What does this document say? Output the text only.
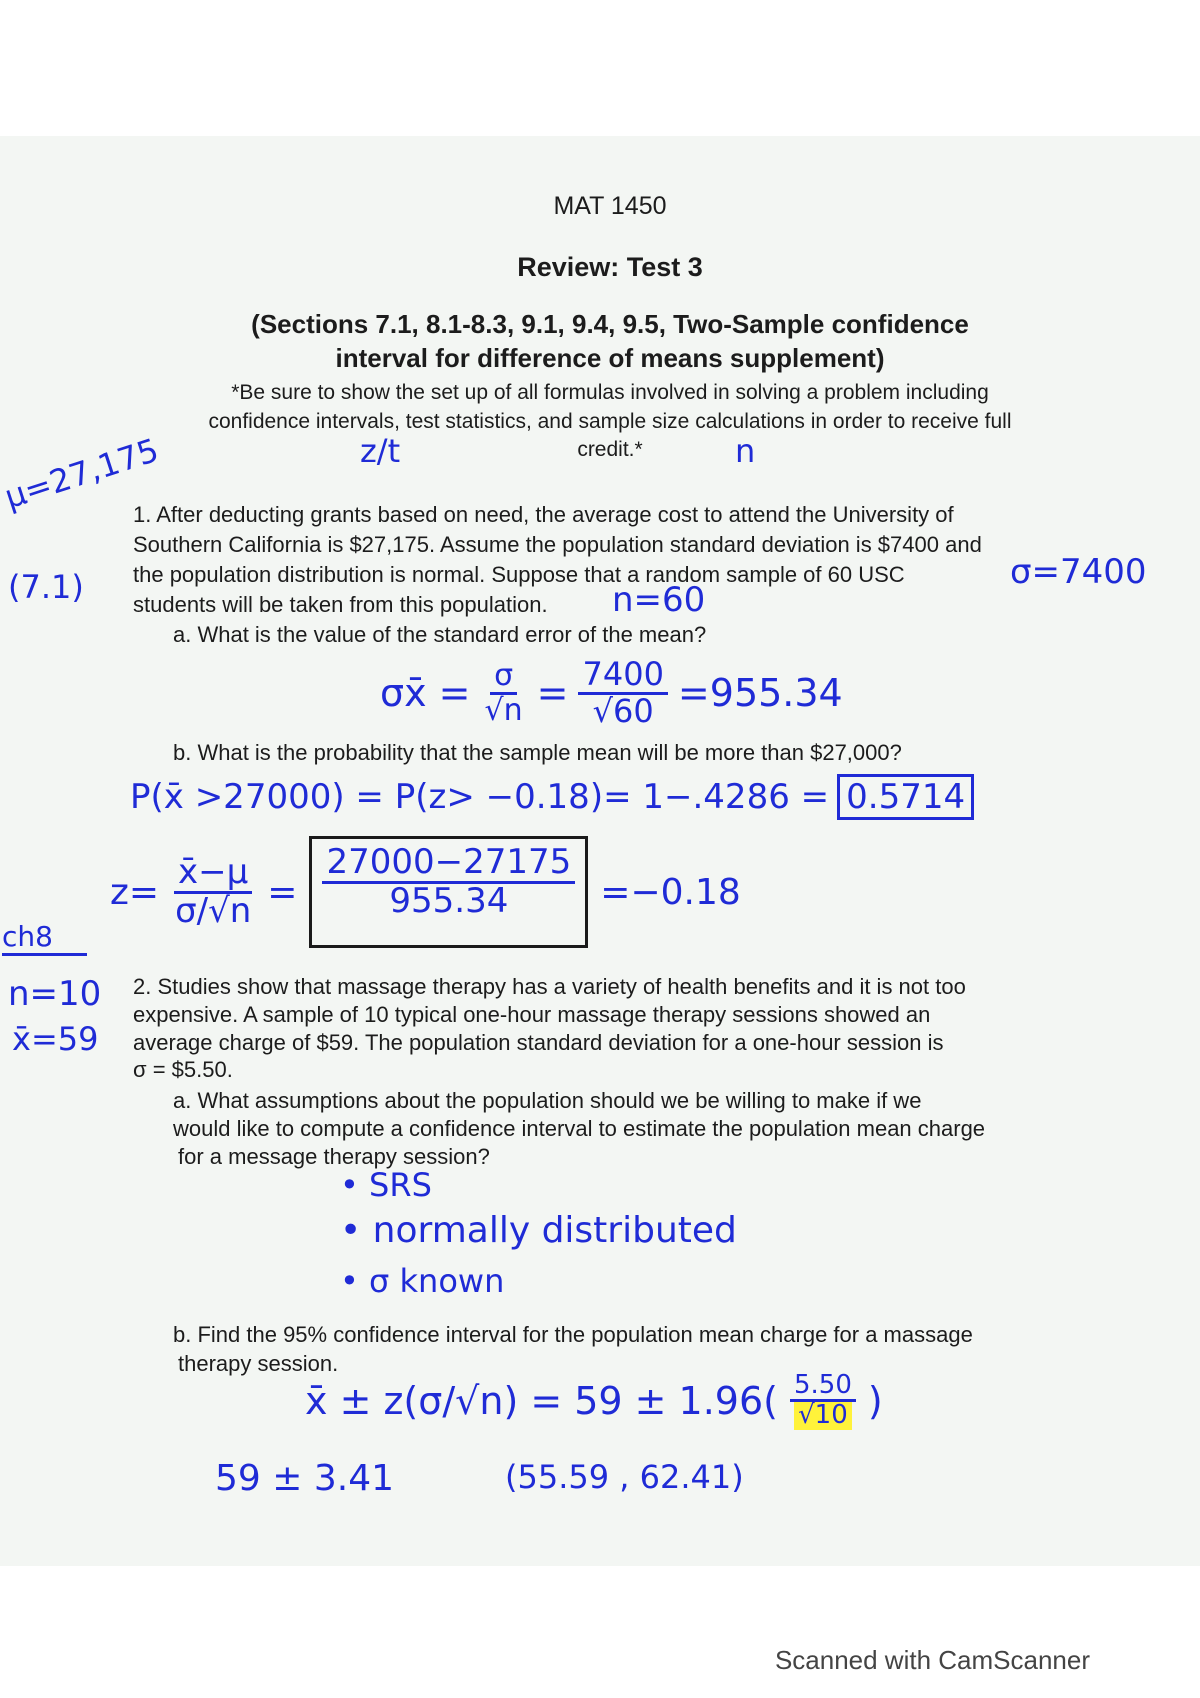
MAT 1450
Review: Test 3
(Sections 7.1, 8.1-8.3, 9.1, 9.4, 9.5, Two-Sample confidence
interval for difference of means supplement)
*Be sure to show the set up of all formulas involved in solving a problem including
confidence intervals, test statistics, and sample size calculations in order to receive full
credit.*
z/t	n
μ=27,175
(7.1)
1. After deducting grants based on need, the average cost to attend the University of
Southern California is $27,175. Assume the population standard deviation is $7400 and
the population distribution is normal. Suppose that a random sample of 60 USC
students will be taken from this population.
σ=7400
n=60
a. What is the value of the standard error of the mean?
σx̄ = $\frac{\sigma}{√n} = \frac{7400}{√60} =955.34$
b. What is the probability that the sample mean will be more than $27,000?
P(x̄ >27000) = P(z> −0.18)= 1−.4286 = 0.5714
$z= \frac{x̄-\mu}{\sigma/√n} = \frac{27000-27175}{955.34} =-0.18$
ch8
n=10
x̄=59
2. Studies show that massage therapy has a variety of health benefits and it is not too
expensive. A sample of 10 typical one-hour massage therapy sessions showed an
average charge of $59. The population standard deviation for a one-hour session is
σ = $5.50.
a. What assumptions about the population should we be willing to make if we
would like to compute a confidence interval to estimate the population mean charge
for a message therapy session?
• SRS
• normally distributed
• σ known
b. Find the 95% confidence interval for the population mean charge for a massage
therapy session.
x̄ ± $z(\sigma/√n) = 59 \pm 1.96( \frac{5.50}{√10}$ )
59 ± 3.41	(55.59 , 62.41)
Scanned with CamScanner
